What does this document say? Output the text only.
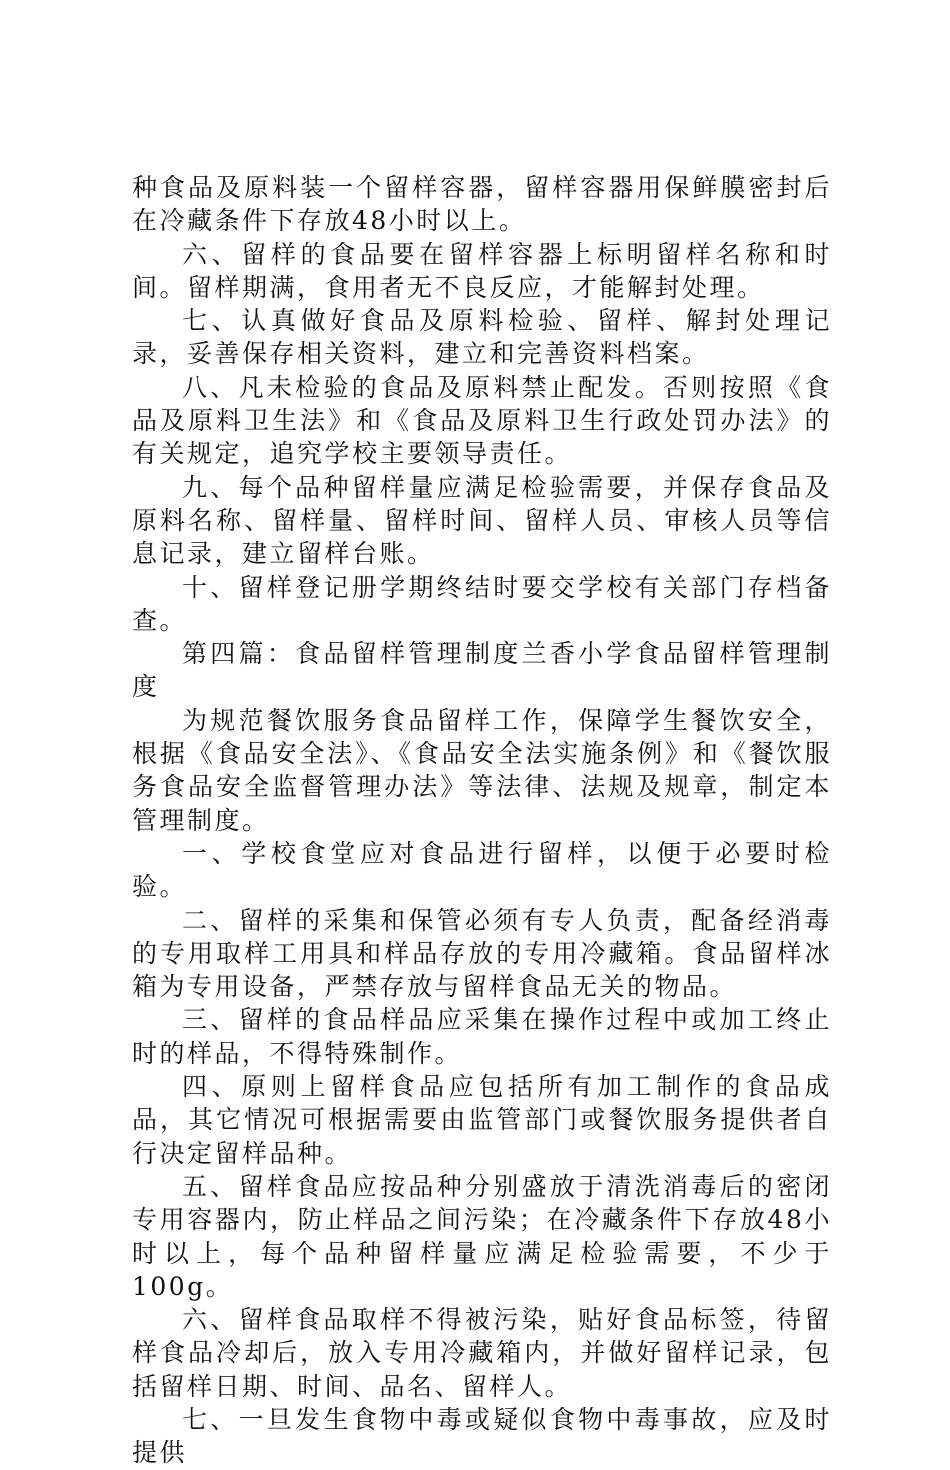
种食品及原料装一个留样容器，留样容器用保鲜膜密封后在冷藏条件下存放48小时以上。

六、留样的食品要在留样容器上标明留样名称和时间。留样期满，食用者无不良反应，才能解封处理。

七、认真做好食品及原料检验、留样、解封处理记录，妥善保存相关资料，建立和完善资料档案。

八、凡未检验的食品及原料禁止配发。否则按照《食品及原料卫生法》和《食品及原料卫生行政处罚办法》的有关规定，追究学校主要领导责任。

九、每个品种留样量应满足检验需要，并保存食品及原料名称、留样量、留样时间、留样人员、审核人员等信息记录，建立留样台账。

十、留样登记册学期终结时要交学校有关部门存档备查。

第四篇：食品留样管理制度兰香小学食品留样管理制度

为规范餐饮服务食品留样工作，保障学生餐饮安全，根据《食品安全法》、《食品安全法实施条例》和《餐饮服务食品安全监督管理办法》等法律、法规及规章，制定本管理制度。

一、学校食堂应对食品进行留样，以便于必要时检验。

二、留样的采集和保管必须有专人负责，配备经消毒的专用取样工用具和样品存放的专用冷藏箱。食品留样冰箱为专用设备，严禁存放与留样食品无关的物品。

三、留样的食品样品应采集在操作过程中或加工终止时的样品，不得特殊制作。

四、原则上留样食品应包括所有加工制作的食品成品，其它情况可根据需要由监管部门或餐饮服务提供者自行决定留样品种。

五、留样食品应按品种分别盛放于清洗消毒后的密闭专用容器内，防止样品之间污染；在冷藏条件下存放48小时以上，每个品种留样量应满足检验需要，不少于100g。

六、留样食品取样不得被污染，贴好食品标签，待留样食品冷却后，放入专用冷藏箱内，并做好留样记录，包括留样日期、时间、品名、留样人。

七、一旦发生食物中毒或疑似食物中毒事故，应及时提供
